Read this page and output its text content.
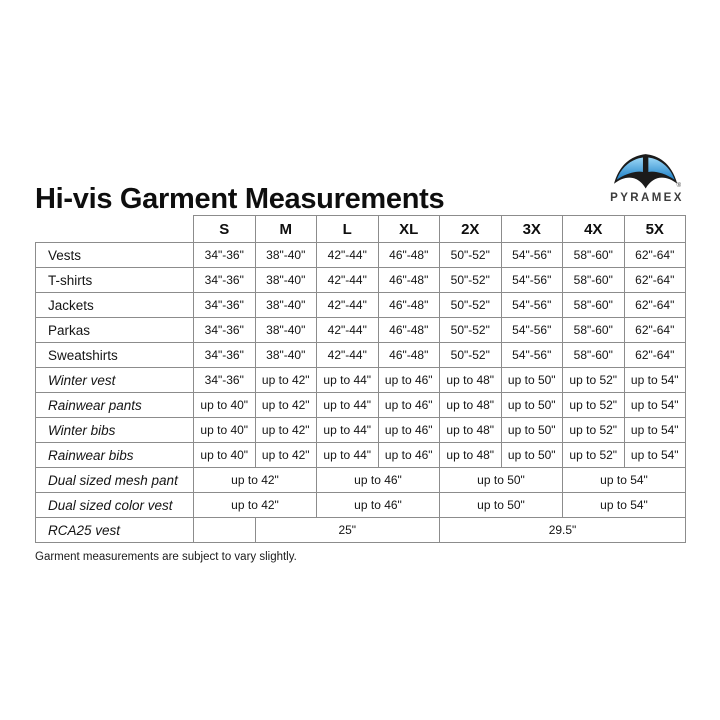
Hi-vis Garment Measurements	®
PYRAMEX
	S	M	L	XL	2X	3X	4X	5X
Vests	34"-36"	38"-40"	42"-44"	46"-48"	50"-52"	54"-56"	58"-60"	62"-64"
T-shirts	34"-36"	38"-40"	42"-44"	46"-48"	50"-52"	54"-56"	58"-60"	62"-64"
Jackets	34"-36"	38"-40"	42"-44"	46"-48"	50"-52"	54"-56"	58"-60"	62"-64"
Parkas	34"-36"	38"-40"	42"-44"	46"-48"	50"-52"	54"-56"	58"-60"	62"-64"
Sweatshirts	34"-36"	38"-40"	42"-44"	46"-48"	50"-52"	54"-56"	58"-60"	62"-64"
Winter vest	34"-36"	up to 42"	up to 44"	up to 46"	up to 48"	up to 50"	up to 52"	up to 54"
Rainwear pants	up to 40"	up to 42"	up to 44"	up to 46"	up to 48"	up to 50"	up to 52"	up to 54"
Winter bibs	up to 40"	up to 42"	up to 44"	up to 46"	up to 48"	up to 50"	up to 52"	up to 54"
Rainwear bibs	up to 40"	up to 42"	up to 44"	up to 46"	up to 48"	up to 50"	up to 52"	up to 54"
Dual sized mesh pant	up to 42"		up to 46"		up to 50"		up to 54"	
Dual sized color vest	up to 42"		up to 46"		up to 50"		up to 54"	
RCA25 vest		25"			29.5"			
Garment measurements are subject to vary slightly.
